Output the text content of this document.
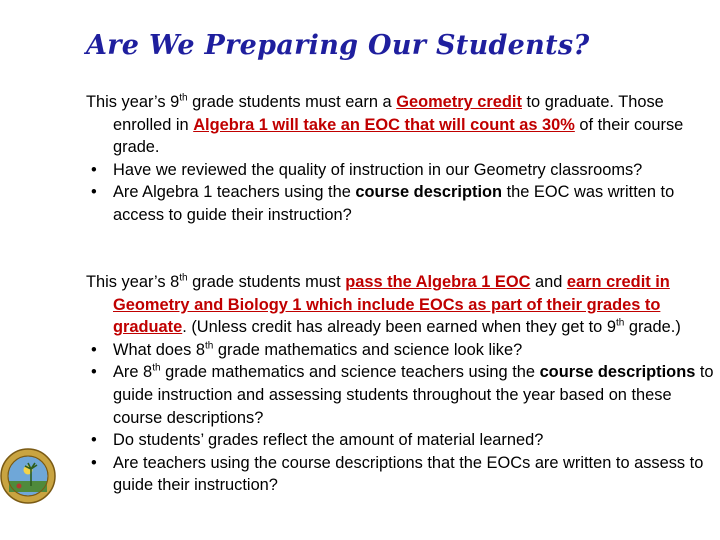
Are We Preparing Our Students?

This year’s 9th grade students must earn a Geometry credit to graduate. Those enrolled in Algebra 1 will take an EOC that will count as 30% of their course grade.

• Have we reviewed the quality of instruction in our Geometry classrooms?
• Are Algebra 1 teachers using the course description the EOC was written to access to guide their instruction?

This year’s 8th grade students must pass the Algebra 1 EOC and earn credit in Geometry and Biology 1 which include EOCs as part of their grades to graduate. (Unless credit has already been earned when they get to 9th grade.)

• What does 8th grade mathematics and science look like?
• Are 8th grade mathematics and science teachers using the course descriptions to guide instruction and assessing students throughout the year based on these course descriptions?
• Do students’ grades reflect the amount of material learned?
• Are teachers using the course descriptions that the EOCs are written to assess to guide their instruction?
